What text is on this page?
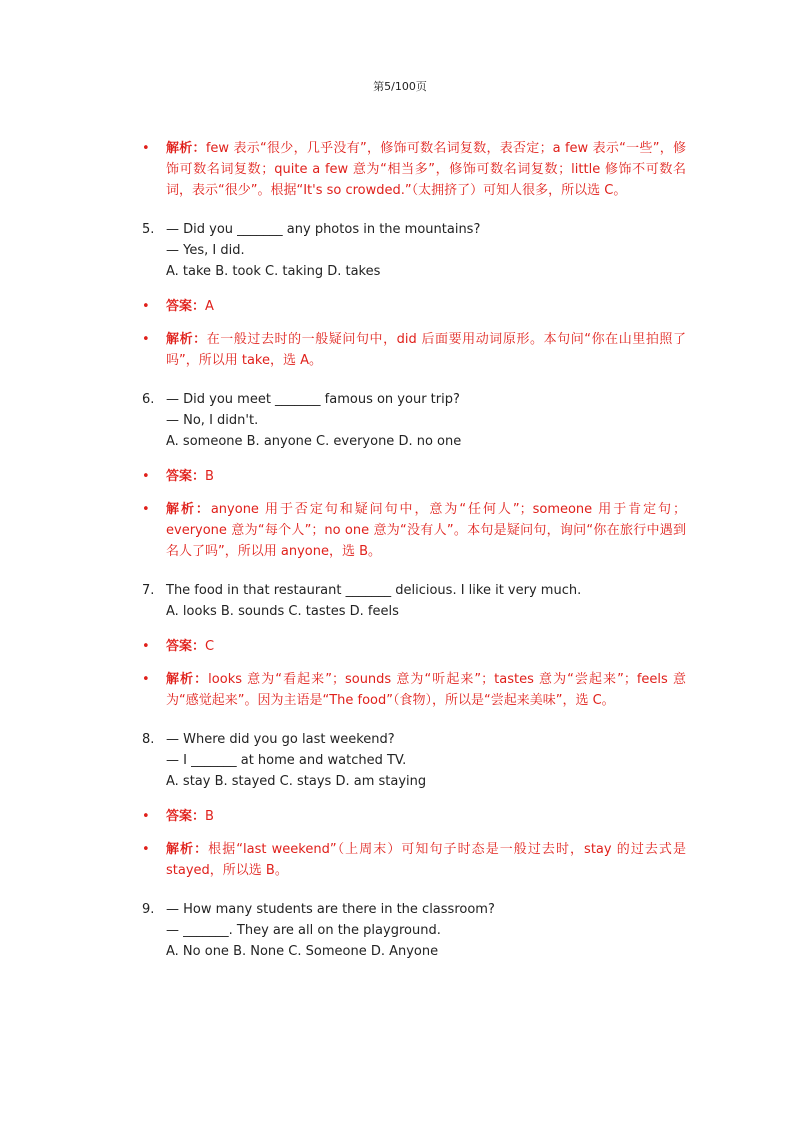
第5/100页
• 解析：few 表示“很少，几乎没有”，修饰可数名词复数，表否定；a few 表示“一些”，修饰可数名词复数；quite a few 意为“相当多”，修饰可数名词复数；little 修饰不可数名词，表示“很少”。根据“It's so crowded.”（太拥挤了）可知人很多，所以选 C。
5. — Did you _______ any photos in the mountains?
— Yes, I did.
A. take B. took C. taking D. takes
• 答案：A
• 解析：在一般过去时的一般疑问句中，did 后面要用动词原形。本句问“你在山里拍照了吗”，所以用 take，选 A。
6. — Did you meet _______ famous on your trip?
— No, I didn't.
A. someone B. anyone C. everyone D. no one
• 答案：B
• 解析：anyone 用于否定句和疑问句中，意为“任何人”；someone 用于肯定句；everyone 意为“每个人”；no one 意为“没有人”。本句是疑问句，询问“你在旅行中遇到名人了吗”，所以用 anyone，选 B。
7. The food in that restaurant _______ delicious. I like it very much.
A. looks B. sounds C. tastes D. feels
• 答案：C
• 解析：looks 意为“看起来”；sounds 意为“听起来”；tastes 意为“尝起来”；feels 意为“感觉起来”。因为主语是“The food”（食物），所以是“尝起来美味”，选 C。
8. — Where did you go last weekend?
— I _______ at home and watched TV.
A. stay B. stayed C. stays D. am staying
• 答案：B
• 解析：根据“last weekend”（上周末）可知句子时态是一般过去时，stay 的过去式是 stayed，所以选 B。
9. — How many students are there in the classroom?
— _______. They are all on the playground.
A. No one B. None C. Someone D. Anyone
